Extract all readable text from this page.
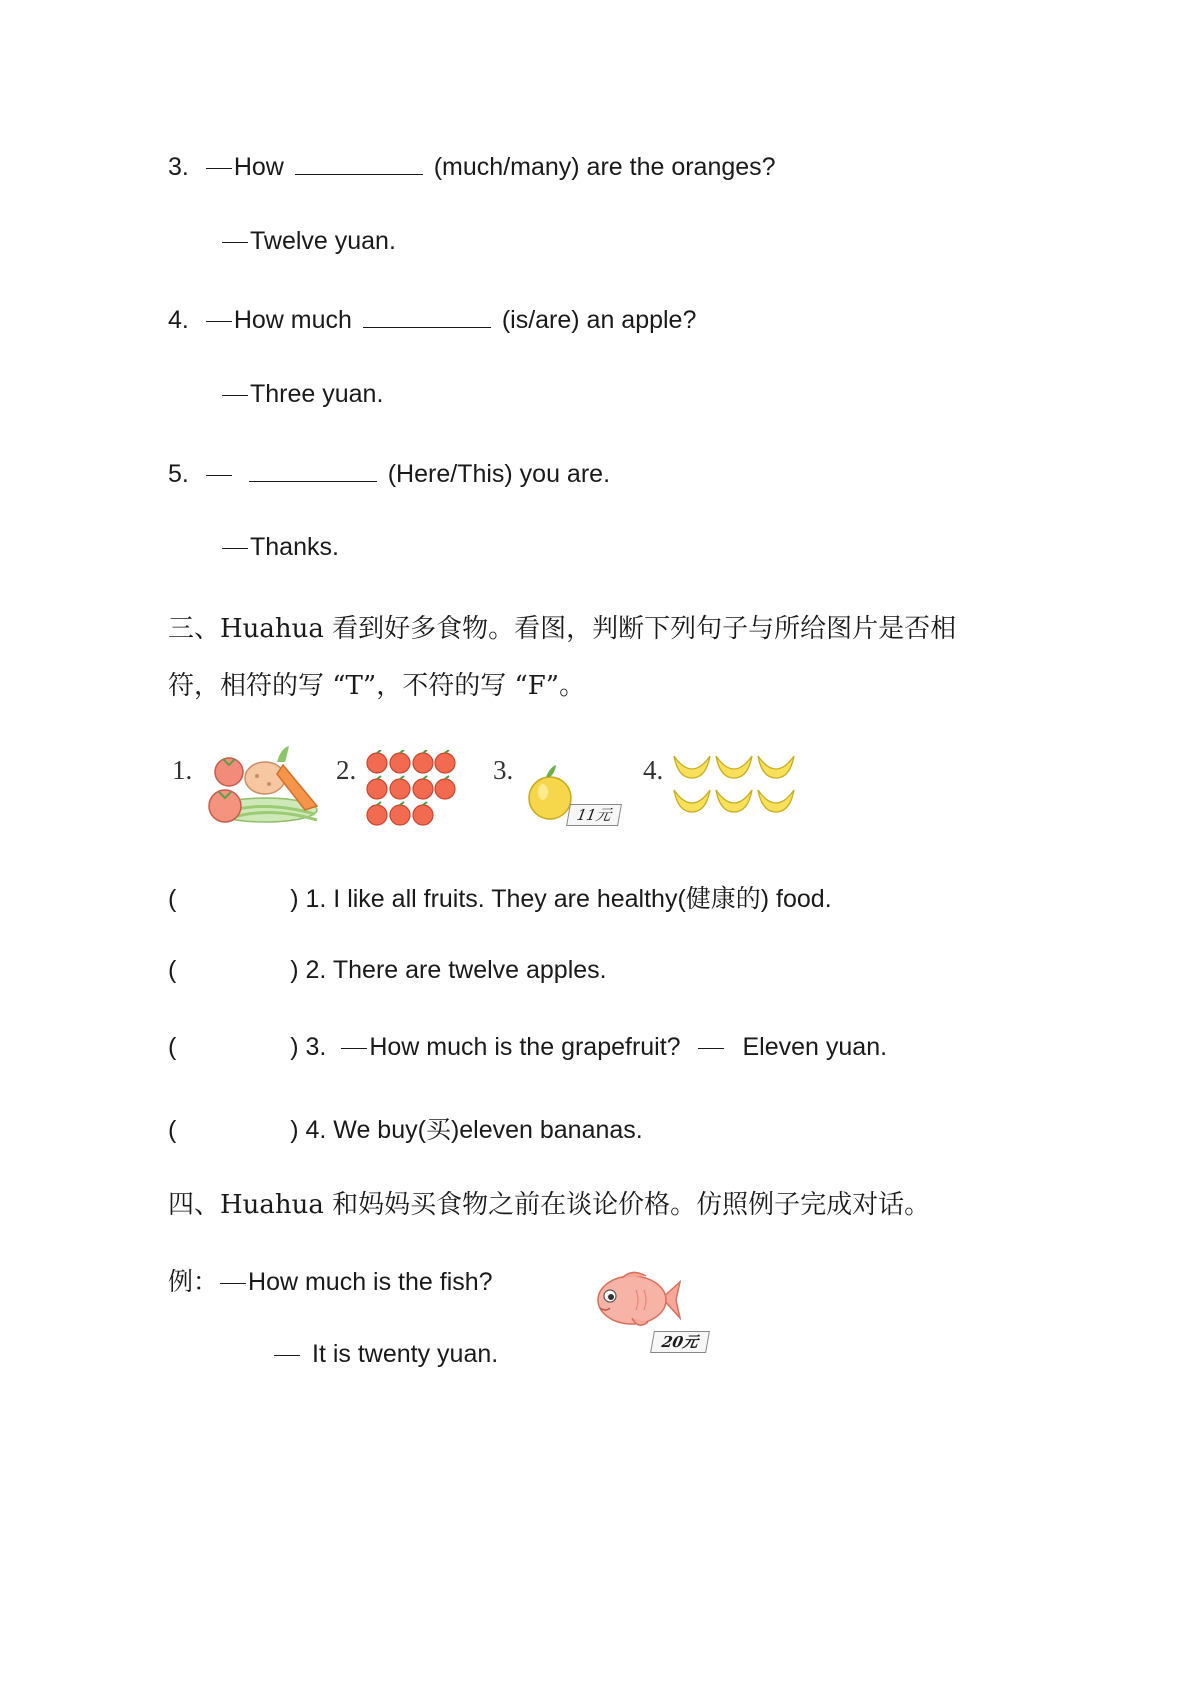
3. How	(much/many) are the oranges?
Twelve yuan.
4. How much	(is/are) an apple?
Three yuan.
5.	(Here/This) you are.
Thanks.
三、Huahua 看到好多食物。看图，判断下列句子与所给图片是否相
符，相符的写 “T”，不符的写 “F”。
1.	2.	3.
11元
4.
(	) 1. I like all fruits. They are healthy(健康的) food.
(	) 2. There are twelve apples.
(	) 3. How much is the grapefruit? Eleven yuan.
(	) 4. We buy(买)eleven bananas.
四、Huahua 和妈妈买食物之前在谈论价格。仿照例子完成对话。
例： How much is the fish?
It is twenty yuan.	20元
